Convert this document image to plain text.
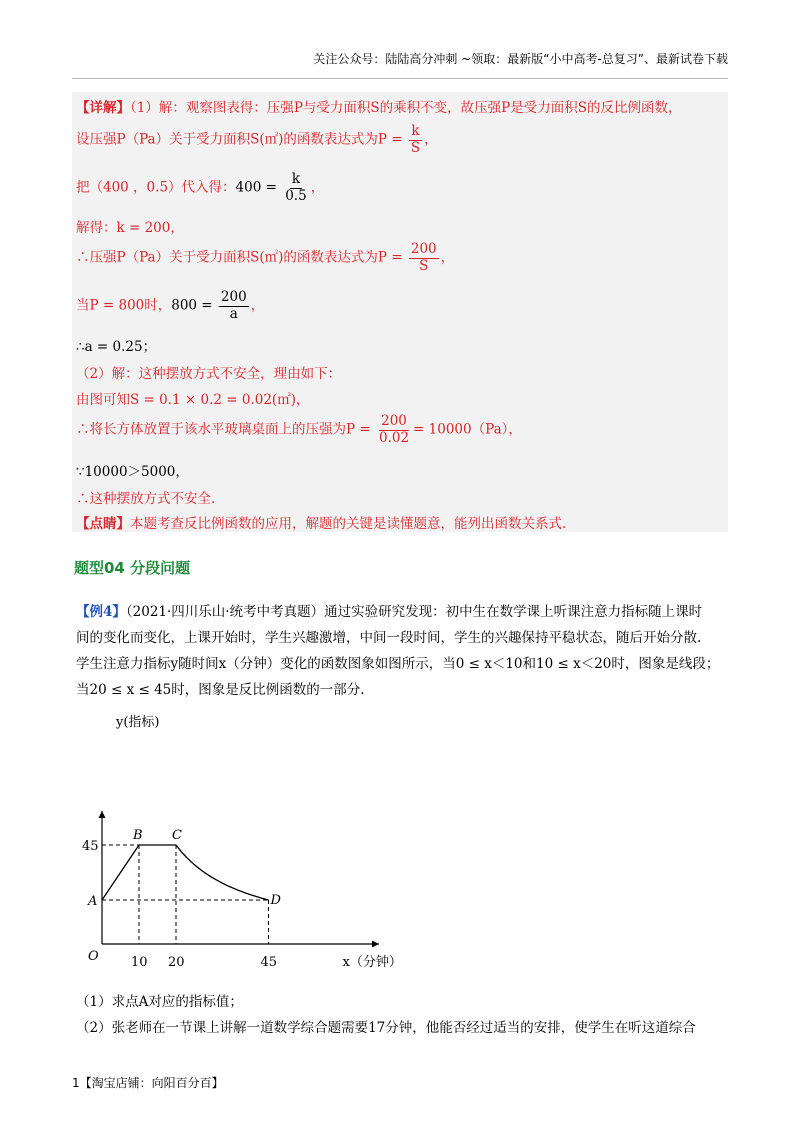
关注公众号：陆陆高分冲刺 ~领取：最新版“小中高考-总复习”、最新试卷下载
【详解】（1）解：观察图表得：压强P与受力面积S的乘积不变，故压强P是受力面积S的反比例函数，
设压强P（Pa）关于受力面积S(㎡)的函数表达式为$P = \frac{k}{S}$ ，
把（400 ，0.5）代入得：$400 = \frac{k}{0.5}$ ，
解得：k = 200，
∴压强P（Pa）关于受力面积S(㎡)的函数表达式为$P = \frac{200}{S}$ ，
当P = 800时，$800 = \frac{200}{a}$ ，
∴a = 0.25；
（2）解：这种摆放方式不安全，理由如下：
由图可知S = 0.1 × 0.2 = 0.02(㎡)，
∴将长方体放置于该水平玻璃桌面上的压强为$P = \frac{200}{0.02} = 10000(Pa)$，
∵10000＞5000，
∴这种摆放方式不安全.
【点睛】本题考查反比例函数的应用，解题的关键是读懂题意，能列出函数关系式.
题型04 分段问题
【例4】（2021·四川乐山·统考中考真题）通过实验研究发现：初中生在数学课上听课注意力指标随上课时
间的变化而变化，上课开始时，学生兴趣激增，中间一段时间，学生的兴趣保持平稳状态，随后开始分散.
学生注意力指标y随时间x（分钟）变化的函数图象如图所示，当0 ≤ x＜10和10 ≤ x＜20时，图象是线段；
当20 ≤ x ≤ 45时，图象是反比例函数的一部分.
y(指标)
x（分钟）
O
A
B C
D
45
10 20	45
（1）求点A对应的指标值；
（2）张老师在一节课上讲解一道数学综合题需要17分钟，他能否经过适当的安排，使学生在听这道综合
1【淘宝店铺：向阳百分百】
